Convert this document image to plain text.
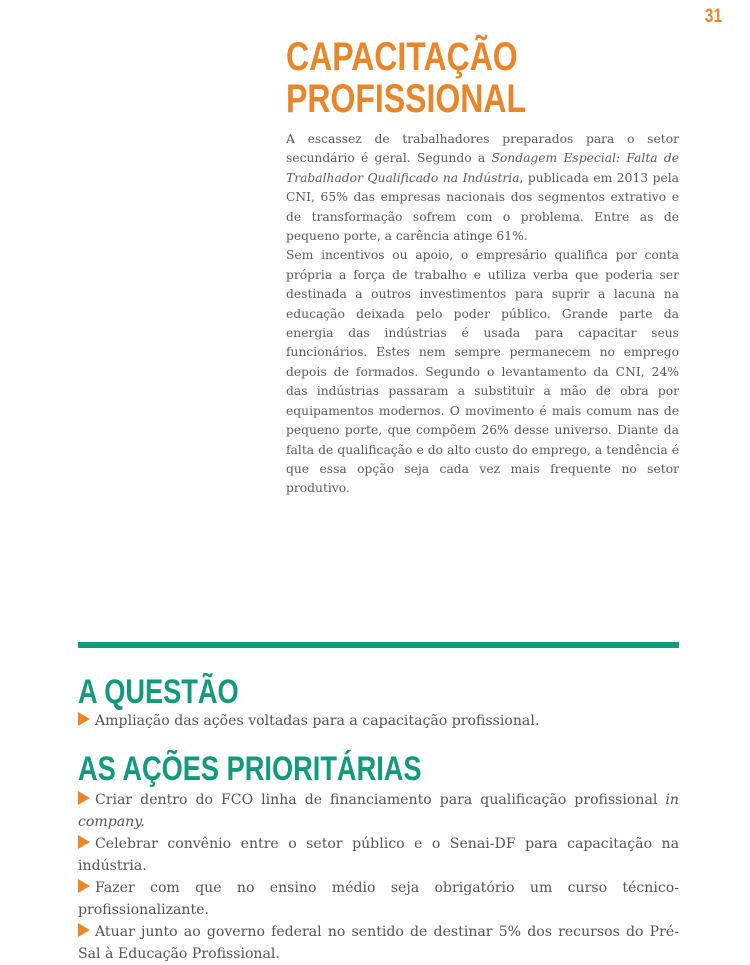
31
CAPACITAÇÃO
PROFISSIONAL

A escassez de trabalhadores preparados para o setor secundário é geral. Segundo a Sondagem Especial: Falta de Trabalhador Qualificado na Indústria, publicada em 2013 pela CNI, 65% das empresas nacionais dos segmentos extrativo e de transformação sofrem com o problema. Entre as de pequeno porte, a carência atinge 61%.

Sem incentivos ou apoio, o empresário qualifica por conta própria a força de trabalho e utiliza verba que poderia ser destinada a outros investimentos para suprir a lacuna na educação deixada pelo poder público. Grande parte da energia das indústrias é usada para capacitar seus funcionários. Estes nem sempre permanecem no emprego depois de formados. Segundo o levantamento da CNI, 24% das indústrias passaram a substituir a mão de obra por equipamentos modernos. O movimento é mais comum nas de pequeno porte, que compõem 26% desse universo. Diante da falta de qualificação e do alto custo do emprego, a tendência é que essa opção seja cada vez mais frequente no setor produtivo.

A QUESTÃO
Ampliação das ações voltadas para a capacitação profissional.
AS AÇÕES PRIORITÁRIAS
Criar dentro do FCO linha de financiamento para qualificação profissional in company.
Celebrar convênio entre o setor público e o Senai-DF para capacitação na indústria.
Fazer com que no ensino médio seja obrigatório um curso técnico-profissionalizante.
Atuar junto ao governo federal no sentido de destinar 5% dos recursos do Pré-Sal à Educação Profissional.
